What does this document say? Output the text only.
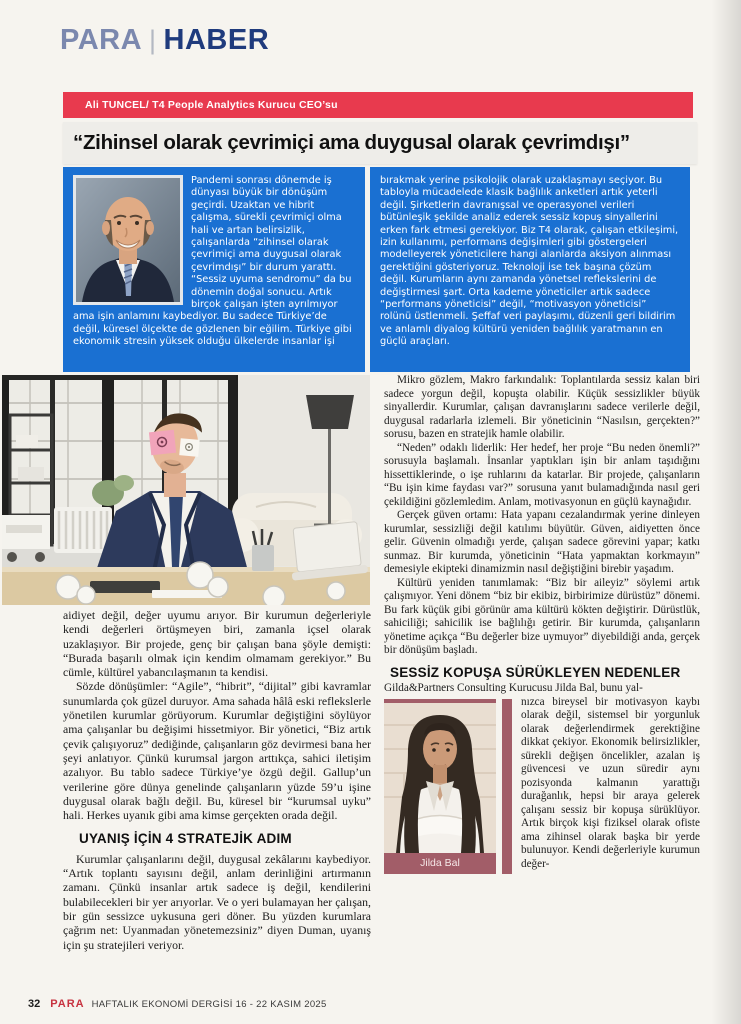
PARA | HABER
Ali TUNCEL/ T4 People Analytics Kurucu CEO’su
“Zihinsel olarak çevrimiçi ama duygusal olarak çevrimdışı”

Pandemi sonrası dönemde iş dünyası büyük bir dönüşüm geçirdi. Uzaktan ve hibrit çalışma, sürekli çevrimiçi olma hali ve artan belirsizlik, çalışanlarda “zihinsel olarak çevrimiçi ama duygusal olarak çevrimdışı” bir durum yarattı. “Sessiz uyuma sendromu” da bu dönemin doğal sonucu. Artık birçok çalışan işten ayrılmıyor ama işin anlamını kaybediyor. Bu sadece Türkiye’de değil, küresel ölçekte de gözlenen bir eğilim. Türkiye gibi ekonomik stresin yüksek olduğu ülkelerde insanlar işi

bırakmak yerine psikolojik olarak uzaklaşmayı seçiyor. Bu tabloyla mücadelede klasik bağlılık anketleri artık yeterli değil. Şirketlerin davranışsal ve operasyonel verileri bütünleşik şekilde analiz ederek sessiz kopuş sinyallerini erken fark etmesi gerekiyor. Biz T4 olarak, çalışan etkileşimi, izin kullanımı, performans değişimleri gibi göstergeleri modelleyerek yöneticilere hangi alanlarda aksiyon alınması gerektiğini gösteriyoruz. Teknoloji ise tek başına çözüm değil. Kurumların aynı zamanda yönetsel reflekslerini de değiştirmesi şart. Orta kademe yöneticiler artık sadece “performans yöneticisi” değil, “motivasyon yöneticisi” rolünü üstlenmeli. Şeffaf veri paylaşımı, düzenli geri bildirim ve anlamlı diyalog kültürü yeniden bağlılık yaratmanın en güçlü araçları.

aidiyet değil, değer uyumu arıyor. Bir kurumun değerleriyle kendi değerleri örtüşmeyen biri, zamanla içsel olarak uzaklaşıyor. Bir projede, genç bir çalışan bana şöyle demişti: “Burada başarılı olmak için kendim olmamam gerekiyor.” Bu cümle, kültürel yabancılaşmanın ta kendisi.

Sözde dönüşümler: “Agile”, “hibrit”, “dijital” gibi kavramlar sunumlarda çok güzel duruyor. Ama sahada hâlâ eski reflekslerle yönetilen kurumlar görüyorum. Kurumlar değiştiğini söylüyor ama çalışanlar bu değişimi hissetmiyor. Bir yönetici, “Biz artık çevik çalışıyoruz” dediğinde, çalışanların göz devirmesi bana her şeyi anlatıyor. Çünkü kurumsal jargon arttıkça, sahici iletişim azalıyor. Bu tablo sadece Türkiye’ye özgü değil. Gallup’un verilerine göre dünya genelinde çalışanların yüzde 59’u işine duygusal olarak bağlı değil. Bu, küresel bir “kurumsal uyku” hali. Herkes uyanık gibi ama kimse gerçekten orada değil.

UYANIŞ İÇİN 4 STRATEJİK ADIM

Kurumlar çalışanlarını değil, duygusal zekâlarını kaybediyor. “Artık toplantı sayısını değil, anlam derinliğini artırmanın zamanı. Çünkü insanlar artık sadece iş değil, kendilerini bulabilecekleri bir yer arıyorlar. Ve o yeri bulamayan her çalışan, bir gün sessizce uykusuna geri döner. Bu yüzden kurumlara çağrım net: Uyanmadan yönetemezsiniz” diyen Duman, uyanış için şu stratejileri veriyor.

Mikro gözlem, Makro farkındalık: Toplantılarda sessiz kalan biri sadece yorgun değil, kopuşta olabilir. Küçük sessizlikler büyük sinyallerdir. Kurumlar, çalışan davranışlarını sadece verilerle değil, duygusal radarlarla izlemeli. Bir yöneticinin “Nasılsın, gerçekten?” sorusu, bazen en stratejik hamle olabilir.

“Neden” odaklı liderlik: Her hedef, her proje “Bu neden önemli?” sorusuyla başlamalı. İnsanlar yaptıkları işin bir anlam taşıdığını hissettiklerinde, o işe ruhlarını da katarlar. Bir projede, çalışanların “Bu işin kime faydası var?” sorusuna yanıt bulamadığında nasıl geri çekildiğini gözlemledim. Anlam, motivasyonun en güçlü kaynağıdır.

Gerçek güven ortamı: Hata yapanı cezalandırmak yerine dinleyen kurumlar, sessizliği değil katılımı büyütür. Güven, aidiyetten önce gelir. Güvenin olmadığı yerde, çalışan sadece görevini yapar; katkı sunmaz. Bir kurumda, yöneticinin “Hata yapmaktan korkmayın” demesiyle ekipteki dinamizmin nasıl değiştiğini birebir yaşadım.

Kültürü yeniden tanımlamak: “Biz bir aileyiz” söylemi artık çalışmıyor. Yeni dönem “biz bir ekibiz, birbirimize dürüstüz” dönemi. Bu fark küçük gibi görünür ama kültürü kökten değiştirir. Dürüstlük, sahiciliği; sahicilik ise bağlılığı getirir. Bir kurumda, çalışanların yönetime açıkça “Bu değerler bize uymuyor” diyebildiği anda, gerçek bir dönüşüm başladı.

SESSİZ KOPUŞA SÜRÜKLEYEN NEDENLER

Gilda&Partners Consulting Kurucusu Jilda Bal, bunu yal-

Jilda Bal

nızca bireysel bir motivasyon kaybı olarak değil, sistemsel bir yorgunluk olarak değerlendirmek gerektiğine dikkat çekiyor. Ekonomik belirsizlikler, sürekli değişen öncelikler, azalan iş güvencesi ve uzun süredir aynı pozisyonda kalmanın yarattığı durağanlık, hepsi bir araya gelerek çalışanı sessiz bir kopuşa sürüklüyor. Artık birçok kişi fiziksel olarak ofiste ama zihinsel olarak başka bir yerde bulunuyor. Kendi değerleriyle kurumun değer-

32 PARA HAFTALIK EKONOMİ DERGİSİ 16 - 22 KASIM 2025
